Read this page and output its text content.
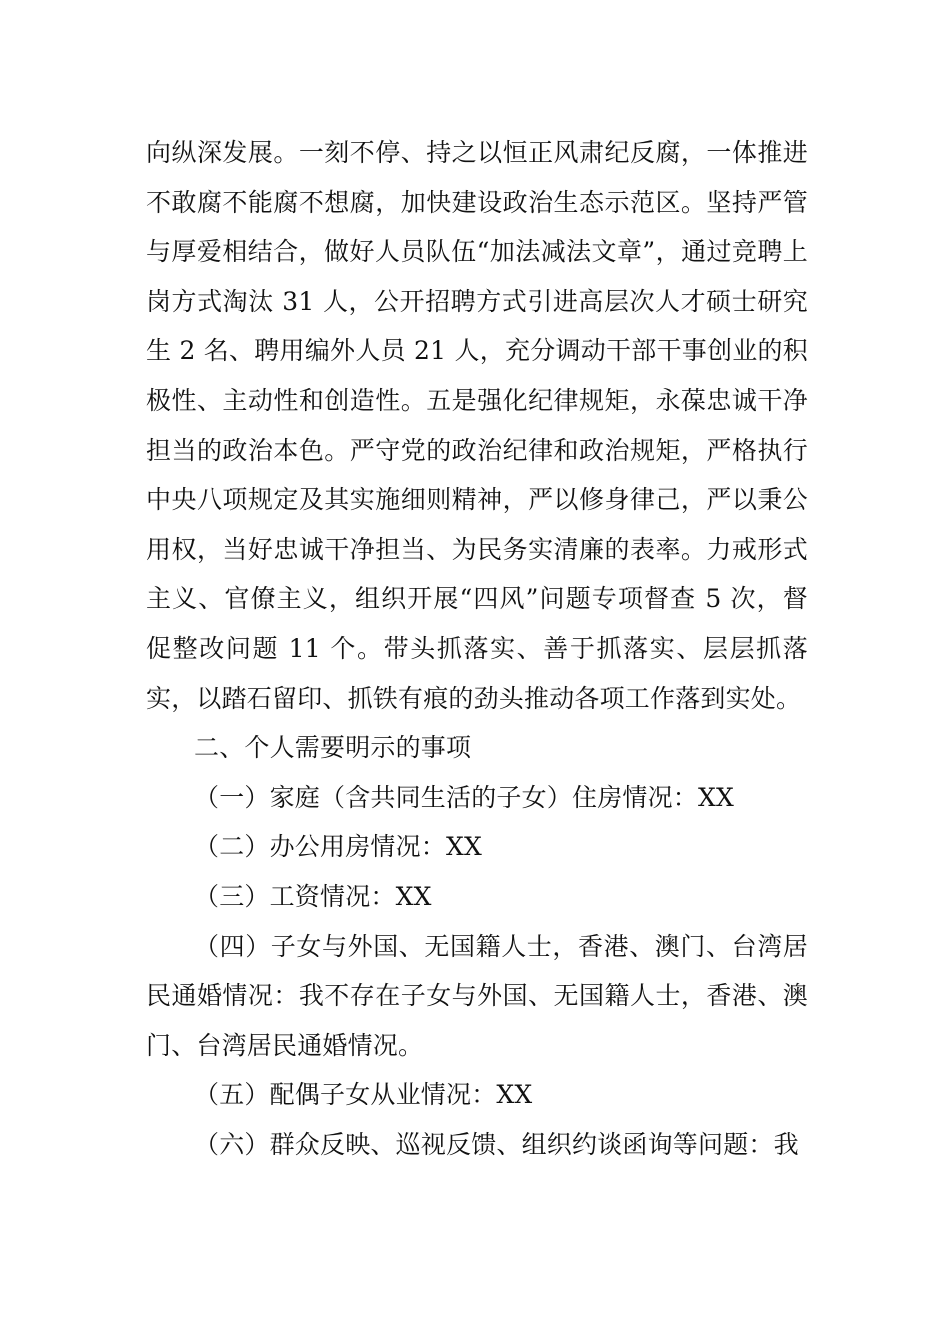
向纵深发展。一刻不停、持之以恒正风肃纪反腐，一体推进不敢腐不能腐不想腐，加快建设政治生态示范区。坚持严管与厚爱相结合，做好人员队伍“加法减法文章”，通过竞聘上岗方式淘汰 31 人，公开招聘方式引进高层次人才硕士研究生 2 名、聘用编外人员 21 人，充分调动干部干事创业的积极性、主动性和创造性。五是强化纪律规矩，永葆忠诚干净担当的政治本色。严守党的政治纪律和政治规矩，严格执行中央八项规定及其实施细则精神，严以修身律己，严以秉公用权，当好忠诚干净担当、为民务实清廉的表率。力戒形式主义、官僚主义，组织开展“四风”问题专项督查 5 次，督促整改问题 11 个。带头抓落实、善于抓落实、层层抓落实，以踏石留印、抓铁有痕的劲头推动各项工作落到实处。

二、个人需要明示的事项

（一）家庭（含共同生活的子女）住房情况：XX

（二）办公用房情况：XX

（三）工资情况：XX

（四）子女与外国、无国籍人士，香港、澳门、台湾居民通婚情况：我不存在子女与外国、无国籍人士，香港、澳门、台湾居民通婚情况。

（五）配偶子女从业情况：XX

（六）群众反映、巡视反馈、组织约谈函询等问题：我
